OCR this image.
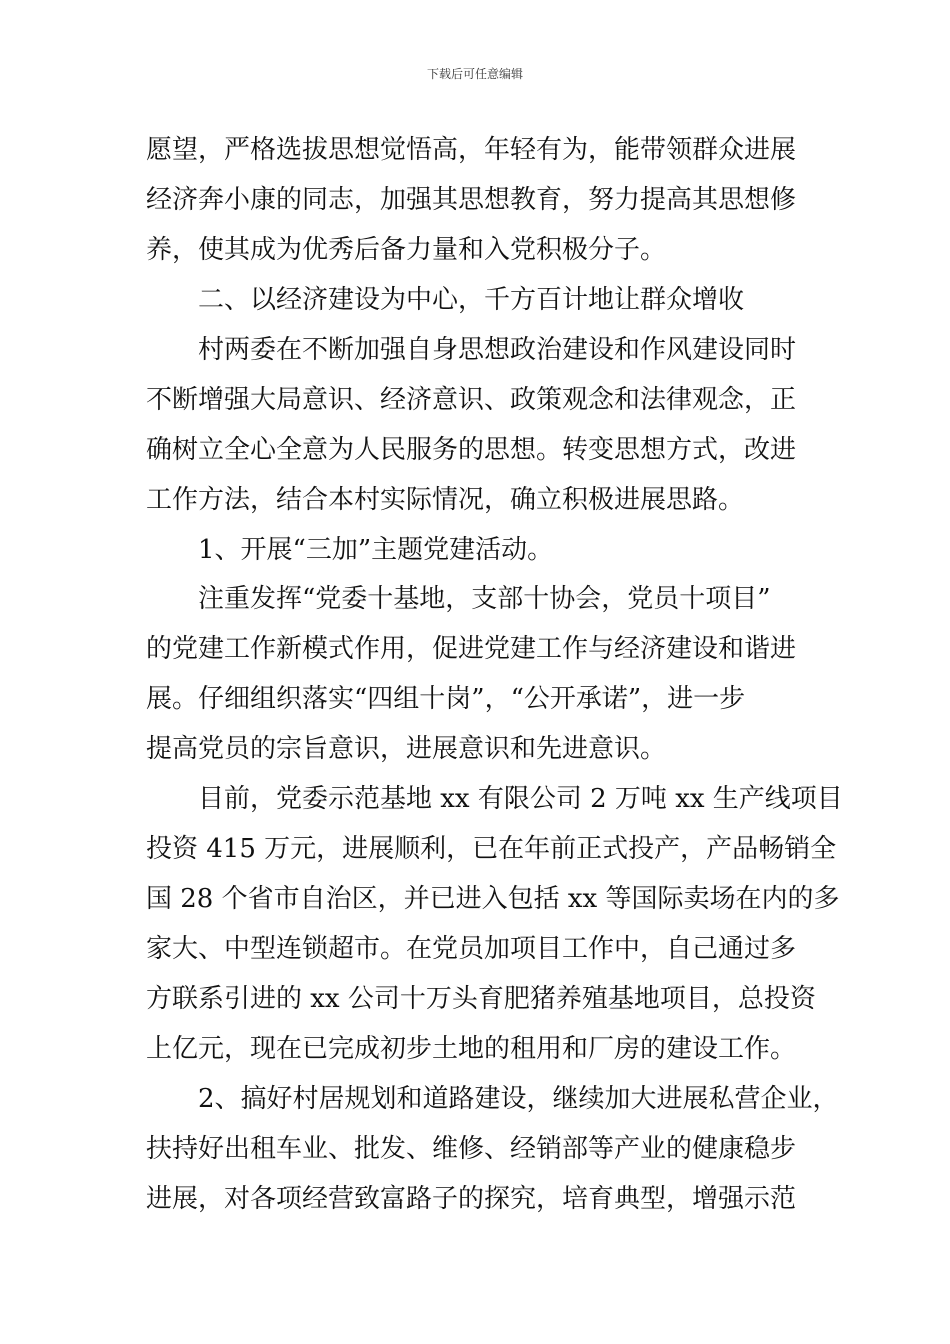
下载后可任意编辑
愿望，严格选拔思想觉悟高，年轻有为，能带领群众进展
经济奔小康的同志，加强其思想教育，努力提高其思想修
养，使其成为优秀后备力量和入党积极分子。
二、以经济建设为中心，千方百计地让群众增收
村两委在不断加强自身思想政治建设和作风建设同时
不断增强大局意识、经济意识、政策观念和法律观念，正
确树立全心全意为人民服务的思想。转变思想方式，改进
工作方法，结合本村实际情况，确立积极进展思路。
1、开展“三加”主题党建活动。
注重发挥“党委十基地，支部十协会，党员十项目”
的党建工作新模式作用，促进党建工作与经济建设和谐进
展。仔细组织落实“四组十岗”，“公开承诺”，进一步
提高党员的宗旨意识，进展意识和先进意识。
目前，党委示范基地 xx 有限公司 2 万吨 xx 生产线项目
投资 415 万元，进展顺利，已在年前正式投产，产品畅销全
国 28 个省市自治区，并已进入包括 xx 等国际卖场在内的多
家大、中型连锁超市。在党员加项目工作中，自己通过多
方联系引进的 xx 公司十万头育肥猪养殖基地项目，总投资
上亿元，现在已完成初步土地的租用和厂房的建设工作。
2、搞好村居规划和道路建设，继续加大进展私营企业，
扶持好出租车业、批发、维修、经销部等产业的健康稳步
进展，对各项经营致富路子的探究，培育典型，增强示范
